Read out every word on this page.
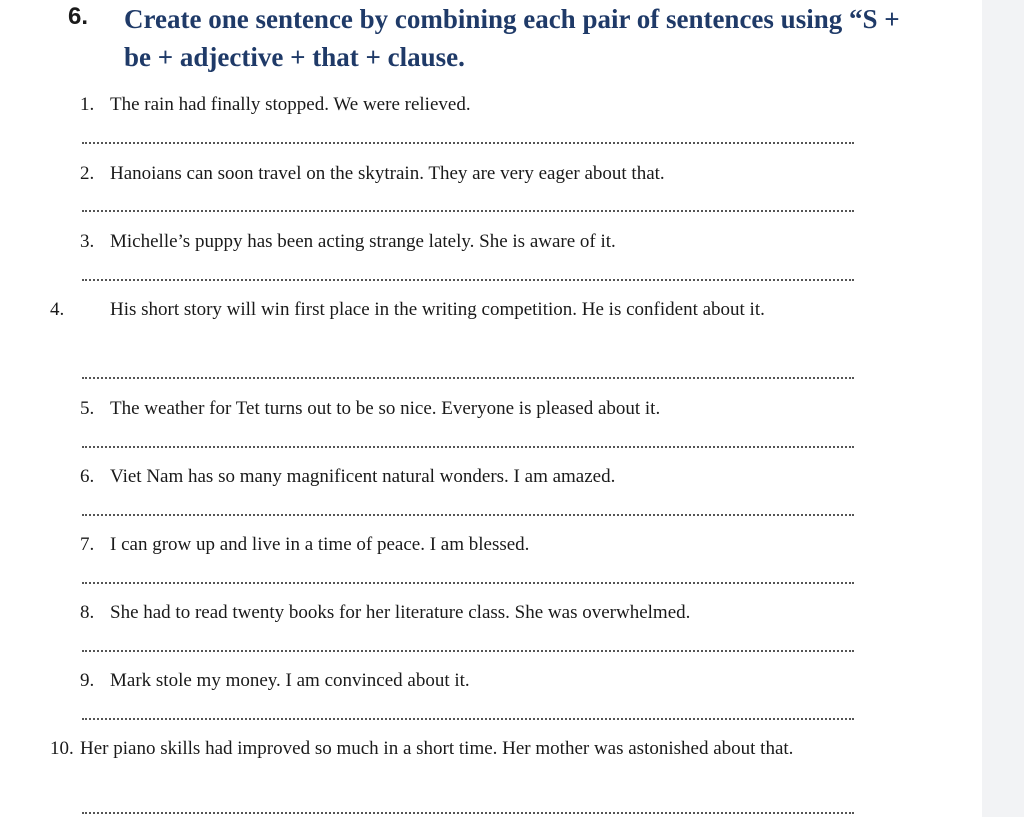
6. Create one sentence by combining each pair of sentences using “S + be + adjective + that + clause.
1. The rain had finally stopped. We were relieved.
2. Hanoians can soon travel on the skytrain. They are very eager about that.
3. Michelle’s puppy has been acting strange lately. She is aware of it.
4. His short story will win first place in the writing competition. He is confident about it.
5. The weather for Tet turns out to be so nice. Everyone is pleased about it.
6. Viet Nam has so many magnificent natural wonders. I am amazed.
7. I can grow up and live in a time of peace. I am blessed.
8. She had to read twenty books for her literature class. She was overwhelmed.
9. Mark stole my money. I am convinced about it.
10. Her piano skills had improved so much in a short time. Her mother was astonished about that.
